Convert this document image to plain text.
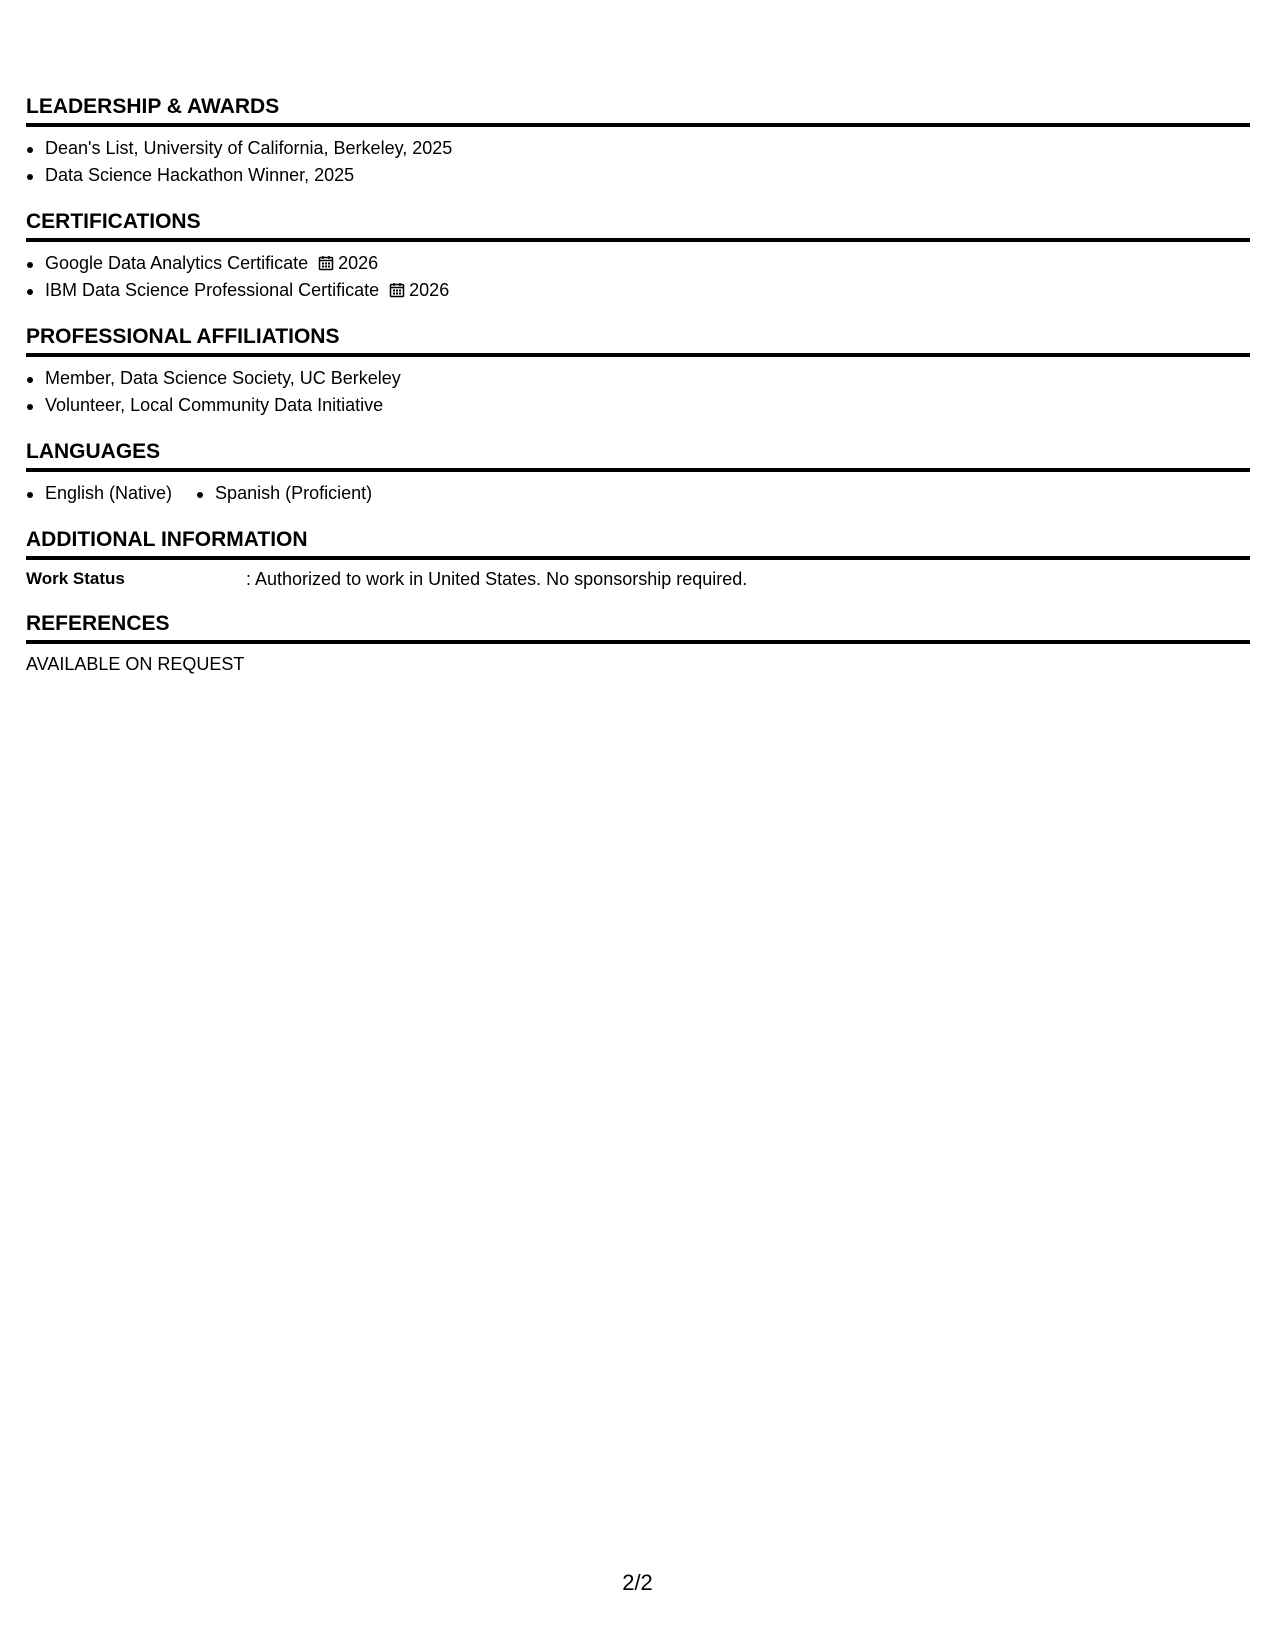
LEADERSHIP & AWARDS
Dean's List, University of California, Berkeley, 2025
Data Science Hackathon Winner, 2025
CERTIFICATIONS
Google Data Analytics Certificate 2026
IBM Data Science Professional Certificate 2026
PROFESSIONAL AFFILIATIONS
Member, Data Science Society, UC Berkeley
Volunteer, Local Community Data Initiative
LANGUAGES
English (Native)	Spanish (Proficient)
ADDITIONAL INFORMATION
Work Status	: Authorized to work in United States. No sponsorship required.
REFERENCES
AVAILABLE ON REQUEST
2/2
